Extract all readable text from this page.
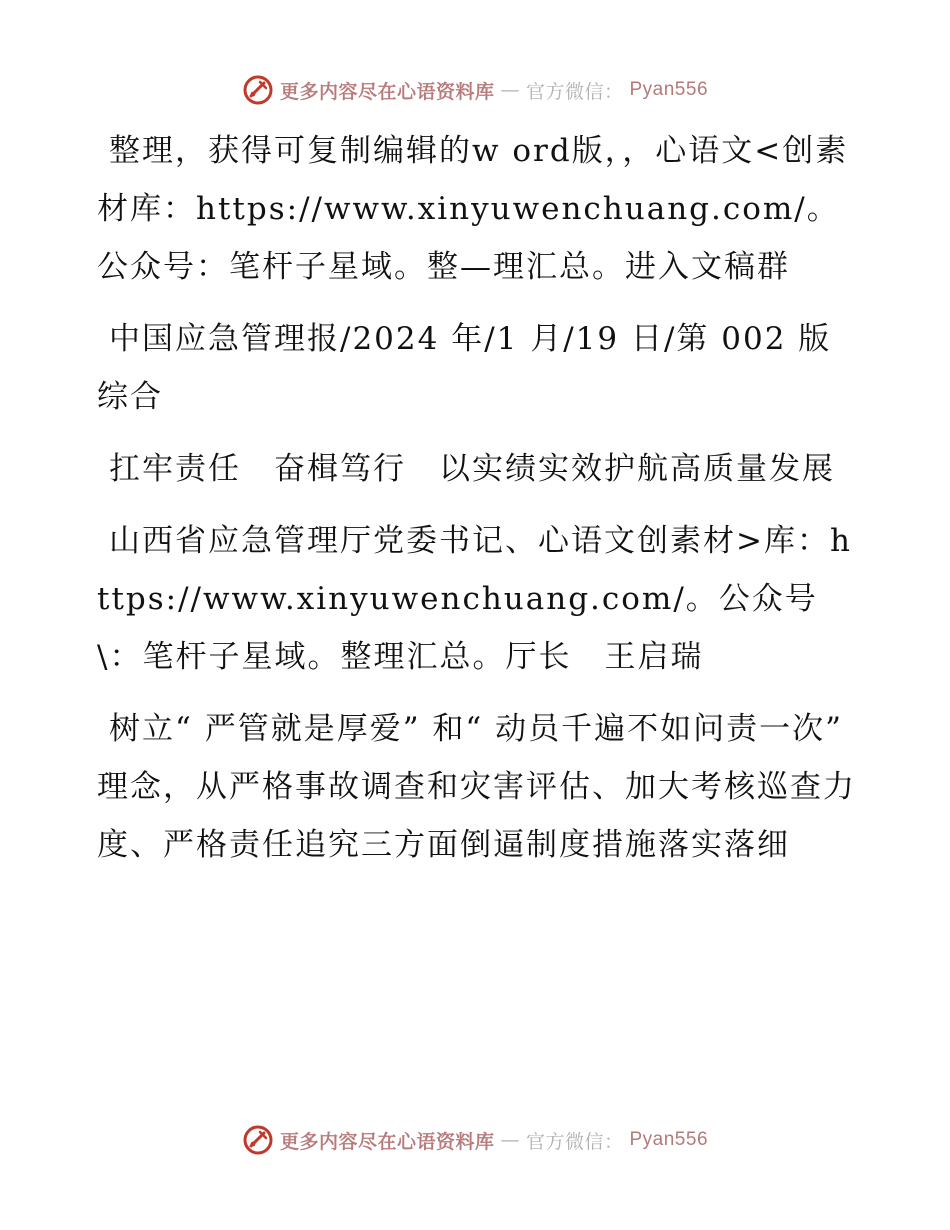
更多内容尽在心语资料库 — 官方微信： Pyan556

整理，获得可复制编辑的w ord版，，心语文<创素材库：https://www.xinyuwenchuang.com/。公众号：笔杆子星域。整—理汇总。进入文稿群

中国应急管理报/2024 年/1 月/19 日/第 002 版综合

扛牢责任　奋楫笃行　以实绩实效护航高质量发展

山西省应急管理厅党委书记、心语文创素材>库：https://www.xinyuwenchuang.com/。公众号\：笔杆子星域。整理汇总。厅长　王启瑞

树立“ 严管就是厚爱” 和“ 动员千遍不如问责一次” 理念，从严格事故调查和灾害评估、加大考核巡查力度、严格责任追究三方面倒逼制度措施落实落细

更多内容尽在心语资料库 — 官方微信： Pyan556
